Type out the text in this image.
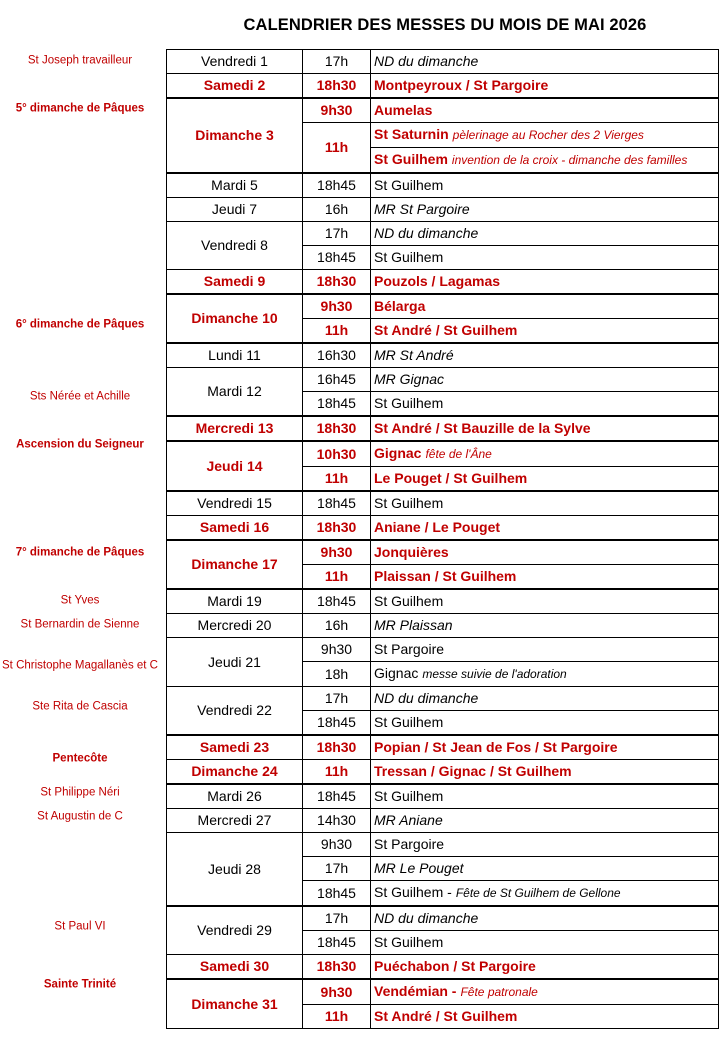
CALENDRIER DES MESSES DU MOIS DE MAI 2026
St Joseph travailleur
5° dimanche de Pâques
6° dimanche de Pâques
Sts Nérée et Achille
Ascension du Seigneur
7° dimanche de Pâques
St Yves
St Bernardin de Sienne
St Christophe Magallanès et C
Ste Rita de Cascia
Pentecôte
St Philippe Néri
St Augustin de C
St Paul VI
Sainte Trinité
Vendredi 1	17h	ND du dimanche
Samedi 2	18h30	Montpeyroux / St Pargoire
Dimanche 3	9h30	Aumelas
	11h	St Saturnin pèlerinage au Rocher des 2 Vierges
		St Guilhem invention de la croix - dimanche des familles
Mardi 5	18h45	St Guilhem
Jeudi 7	16h	MR St Pargoire
Vendredi 8	17h	ND du dimanche
	18h45	St Guilhem
Samedi 9	18h30	Pouzols / Lagamas
Dimanche 10	9h30	Bélarga
	11h	St André / St Guilhem
Lundi 11	16h30	MR St André
Mardi 12	16h45	MR Gignac
	18h45	St Guilhem
Mercredi 13	18h30	St André / St Bauzille de la Sylve
Jeudi 14	10h30	Gignac fête de l'Âne
	11h	Le Pouget / St Guilhem
Vendredi 15	18h45	St Guilhem
Samedi 16	18h30	Aniane / Le Pouget
Dimanche 17	9h30	Jonquières
	11h	Plaissan / St Guilhem
Mardi 19	18h45	St Guilhem
Mercredi 20	16h	MR Plaissan
Jeudi 21	9h30	St Pargoire
	18h	Gignac messe suivie de l'adoration
Vendredi 22	17h	ND du dimanche
	18h45	St Guilhem
Samedi 23	18h30	Popian / St Jean de Fos / St Pargoire
Dimanche 24	11h	Tressan / Gignac / St Guilhem
Mardi 26	18h45	St Guilhem
Mercredi 27	14h30	MR Aniane
Jeudi 28	9h30	St Pargoire
	17h	MR Le Pouget
	18h45	St Guilhem - Fête de St Guilhem de Gellone
Vendredi 29	17h	ND du dimanche
	18h45	St Guilhem
Samedi 30	18h30	Puéchabon / St Pargoire
Dimanche 31	9h30	Vendémian - Fête patronale
	11h	St André / St Guilhem
